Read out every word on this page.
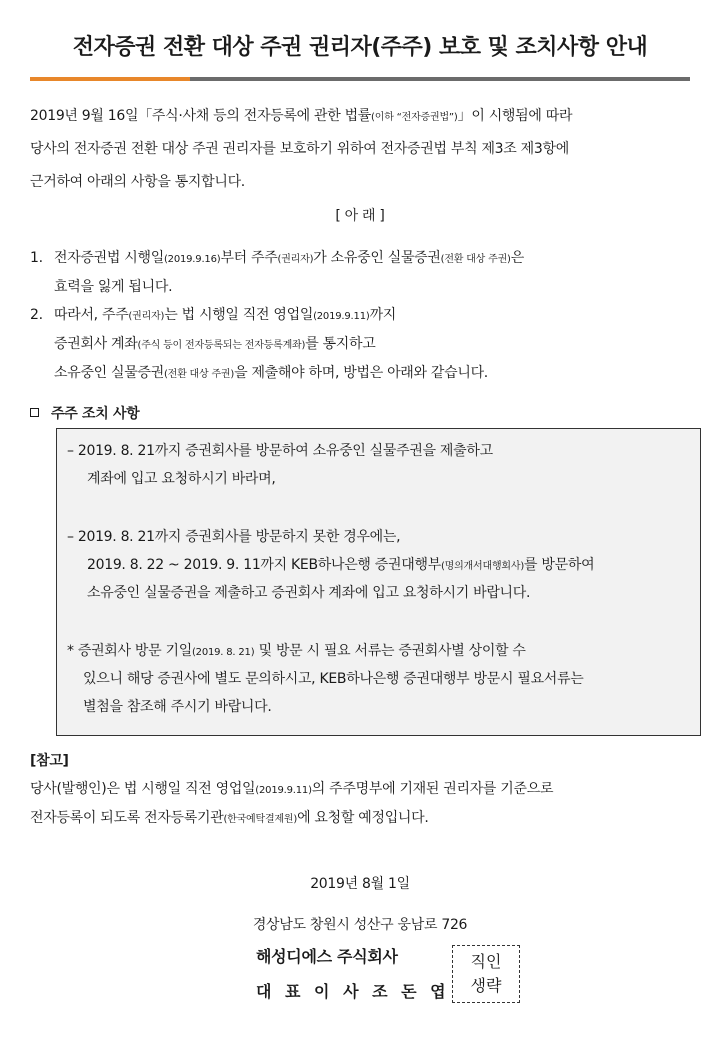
전자증권 전환 대상 주권 권리자(주주) 보호 및 조치사항 안내
2019년 9월 16일「주식·사채 등의 전자등록에 관한 법률(이하 “전자증권법”)」이 시행됨에 따라
당사의 전자증권 전환 대상 주권 권리자를 보호하기 위하여 전자증권법 부칙 제3조 제3항에
근거하여 아래의 사항을 통지합니다.
[ 아 래 ]
1. 전자증권법 시행일(2019.9.16)부터 주주(권리자)가 소유중인 실물증권(전환 대상 주권)은
효력을 잃게 됩니다.
2. 따라서, 주주(권리자)는 법 시행일 직전 영업일(2019.9.11)까지
증권회사 계좌(주식 등이 전자등록되는 전자등록계좌)를 통지하고
소유중인 실물증권(전환 대상 주권)을 제출해야 하며, 방법은 아래와 같습니다.
주주 조치 사항
– 2019. 8. 21까지 증권회사를 방문하여 소유중인 실물주권을 제출하고
계좌에 입고 요청하시기 바라며,
– 2019. 8. 21까지 증권회사를 방문하지 못한 경우에는,
2019. 8. 22 ~ 2019. 9. 11까지 KEB하나은행 증권대행부(명의개서대행회사)를 방문하여
소유중인 실물증권을 제출하고 증권회사 계좌에 입고 요청하시기 바랍니다.
* 증권회사 방문 기일(2019. 8. 21) 및 방문 시 필요 서류는 증권회사별 상이할 수
있으니 해당 증권사에 별도 문의하시고, KEB하나은행 증권대행부 방문시 필요서류는
별첨을 참조해 주시기 바랍니다.
[참고]
당사(발행인)은 법 시행일 직전 영업일(2019.9.11)의 주주명부에 기재된 권리자를 기준으로
전자등록이 되도록 전자등록기관(한국예탁결제원)에 요청할 예정입니다.
2019년 8월 1일
경상남도 창원시 성산구 웅남로 726
해성디에스 주식회사
대 표 이 사 조 돈 엽
직인
생략
